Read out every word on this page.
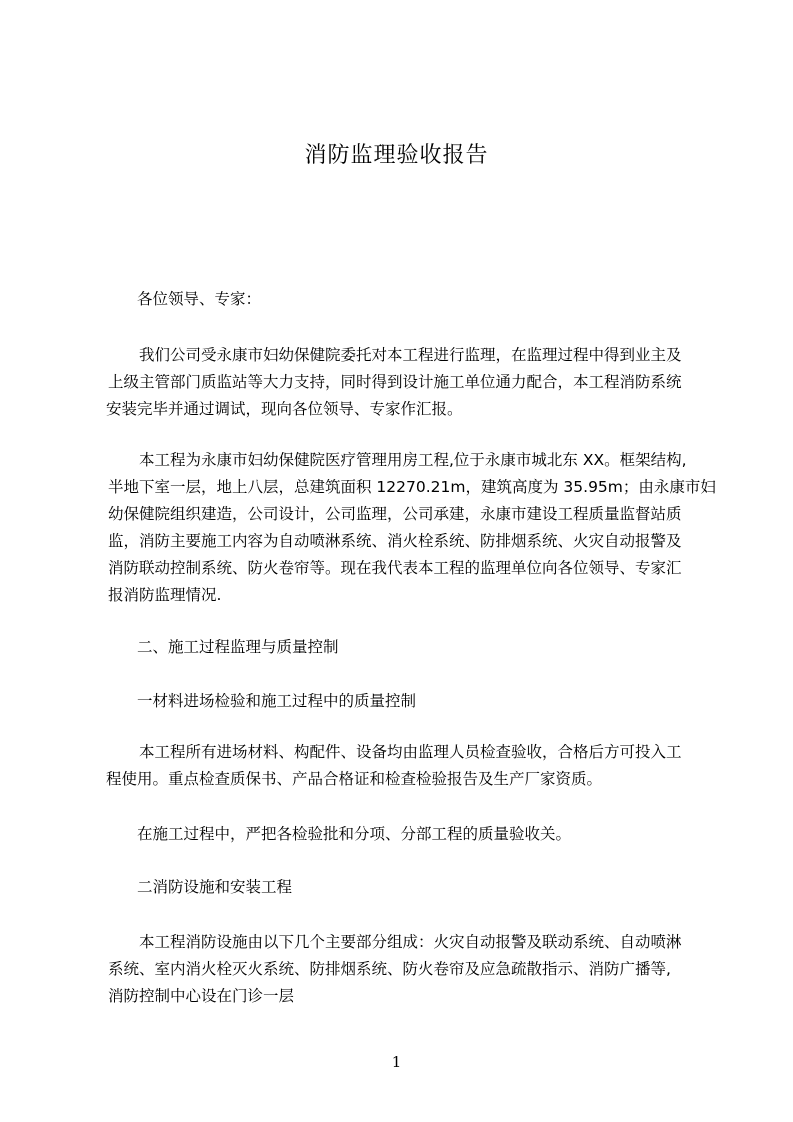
消防监理验收报告
各位领导、专家：
我们公司受永康市妇幼保健院委托对本工程进行监理，在监理过程中得到业主及
上级主管部门质监站等大力支持，同时得到设计施工单位通力配合，本工程消防系统
安装完毕并通过调试，现向各位领导、专家作汇报。
本工程为永康市妇幼保健院医疗管理用房工程,位于永康市城北东 XX。框架结构,
半地下室一层，地上八层，总建筑面积 12270.21m，建筑高度为 35.95m；由永康市妇
幼保健院组织建造，公司设计，公司监理，公司承建，永康市建设工程质量监督站质
监，消防主要施工内容为自动喷淋系统、消火栓系统、防排烟系统、火灾自动报警及
消防联动控制系统、防火卷帘等。现在我代表本工程的监理单位向各位领导、专家汇
报消防监理情况.
二、施工过程监理与质量控制
一材料进场检验和施工过程中的质量控制
本工程所有进场材料、构配件、设备均由监理人员检查验收，合格后方可投入工
程使用。重点检查质保书、产品合格证和检查检验报告及生产厂家资质。
在施工过程中，严把各检验批和分项、分部工程的质量验收关。
二消防设施和安装工程
本工程消防设施由以下几个主要部分组成：火灾自动报警及联动系统、自动喷淋
系统、室内消火栓灭火系统、防排烟系统、防火卷帘及应急疏散指示、消防广播等,
消防控制中心设在门诊一层
1
